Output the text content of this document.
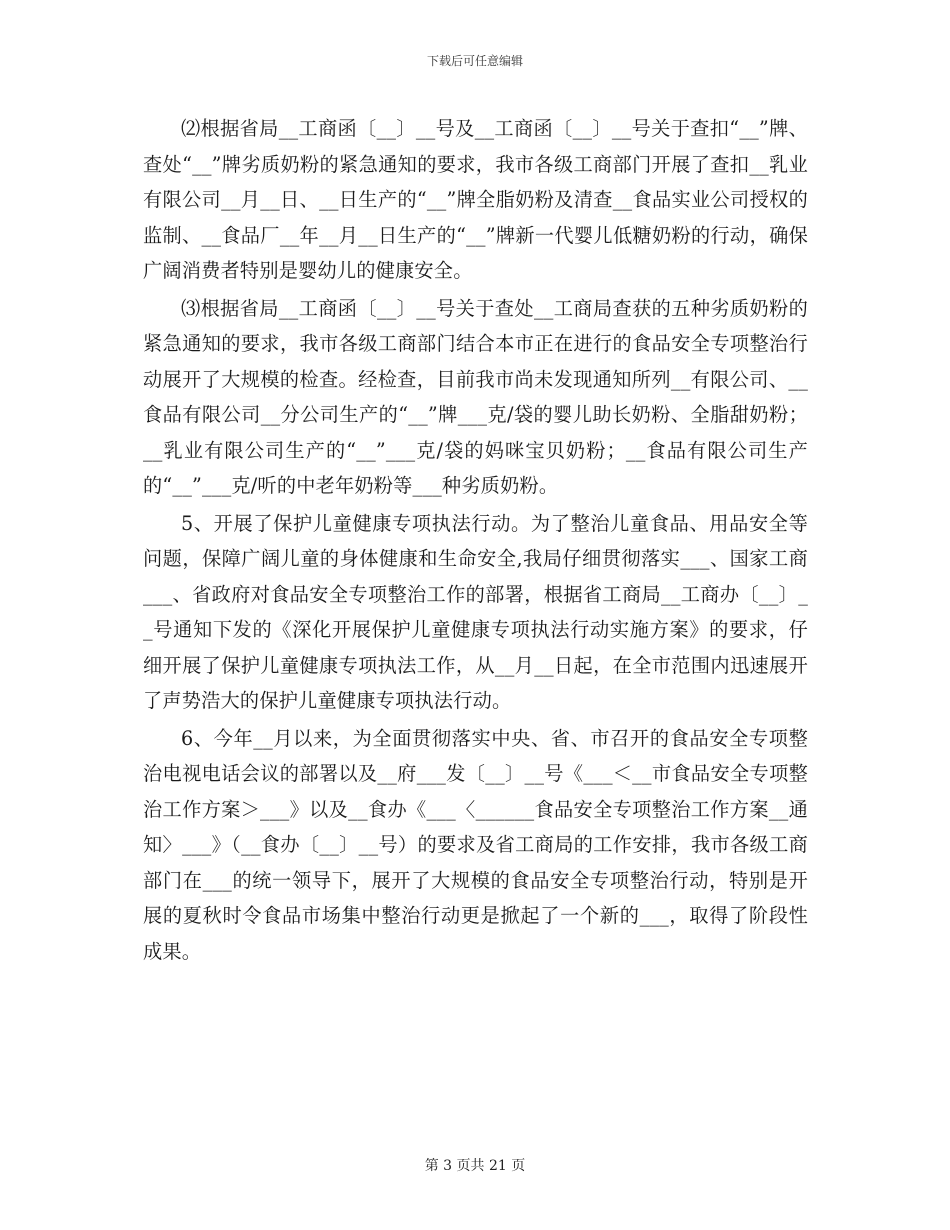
下载后可任意编辑

⑵根据省局__工商函〔__〕__号及__工商函〔__〕__号关于查扣“__”牌、查处“__”牌劣质奶粉的紧急通知的要求，我市各级工商部门开展了查扣__乳业有限公司__月__日、__日生产的“__”牌全脂奶粉及清查__食品实业公司授权的监制、__食品厂__年__月__日生产的“__”牌新一代婴儿低糖奶粉的行动，确保广阔消费者特别是婴幼儿的健康安全。

⑶根据省局__工商函〔__〕__号关于查处__工商局查获的五种劣质奶粉的紧急通知的要求，我市各级工商部门结合本市正在进行的食品安全专项整治行动展开了大规模的检查。经检查，目前我市尚未发现通知所列__有限公司、__食品有限公司__分公司生产的“__”牌___克/袋的婴儿助长奶粉、全脂甜奶粉；__乳业有限公司生产的“__”___克/袋的妈咪宝贝奶粉；__食品有限公司生产的“__”___克/听的中老年奶粉等___种劣质奶粉。

5、开展了保护儿童健康专项执法行动。为了整治儿童食品、用品安全等问题，保障广阔儿童的身体健康和生命安全,我局仔细贯彻落实___、国家工商___、省政府对食品安全专项整治工作的部署，根据省工商局__工商办〔__〕__号通知下发的《深化开展保护儿童健康专项执法行动实施方案》的要求，仔细开展了保护儿童健康专项执法工作，从__月__日起，在全市范围内迅速展开了声势浩大的保护儿童健康专项执法行动。

6、今年__月以来，为全面贯彻落实中央、省、市召开的食品安全专项整治电视电话会议的部署以及__府___发〔__〕__号《___＜__市食品安全专项整治工作方案＞___》以及__食办《___〈______食品安全专项整治工作方案__通知〉___》（__食办〔__〕__号）的要求及省工商局的工作安排，我市各级工商部门在___的统一领导下，展开了大规模的食品安全专项整治行动，特别是开展的夏秋时令食品市场集中整治行动更是掀起了一个新的___，取得了阶段性成果。

第 3 页共 21 页
